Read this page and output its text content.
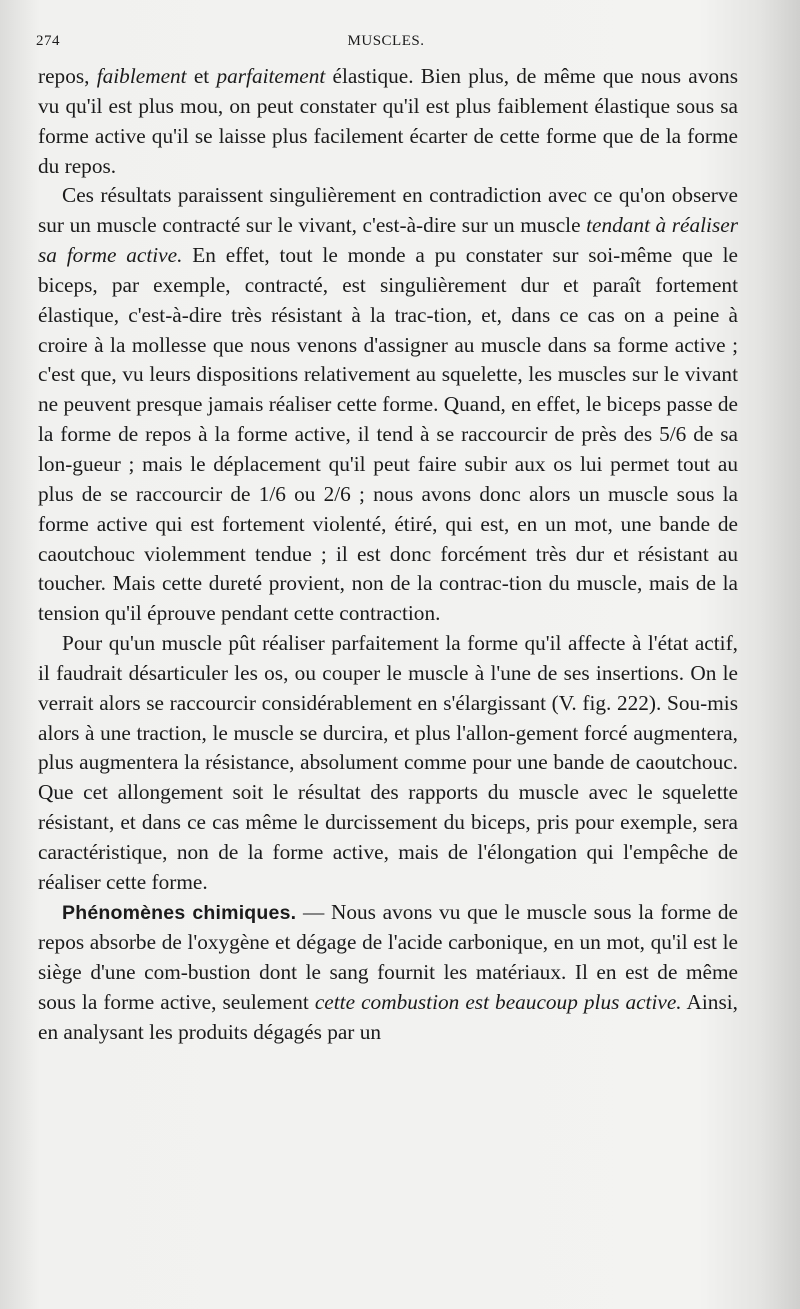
274	MUSCLES.

repos, faiblement et parfaitement élastique. Bien plus, de même que nous avons vu qu'il est plus mou, on peut constater qu'il est plus faiblement élastique sous sa forme active qu'il se laisse plus facilement écarter de cette forme que de la forme du repos.

Ces résultats paraissent singulièrement en contradiction avec ce qu'on observe sur un muscle contracté sur le vivant, c'est-à-dire sur un muscle tendant à réaliser sa forme active. En effet, tout le monde a pu constater sur soi-même que le biceps, par exemple, contracté, est singulièrement dur et paraît fortement élastique, c'est-à-dire très résistant à la trac-tion, et, dans ce cas on a peine à croire à la mollesse que nous venons d'assigner au muscle dans sa forme active ; c'est que, vu leurs dispositions relativement au squelette, les muscles sur le vivant ne peuvent presque jamais réaliser cette forme. Quand, en effet, le biceps passe de la forme de repos à la forme active, il tend à se raccourcir de près des 5/6 de sa lon-gueur ; mais le déplacement qu'il peut faire subir aux os lui permet tout au plus de se raccourcir de 1/6 ou 2/6 ; nous avons donc alors un muscle sous la forme active qui est fortement violenté, étiré, qui est, en un mot, une bande de caoutchouc violemment tendue ; il est donc forcément très dur et résistant au toucher. Mais cette dureté provient, non de la contrac-tion du muscle, mais de la tension qu'il éprouve pendant cette contraction.

Pour qu'un muscle pût réaliser parfaitement la forme qu'il affecte à l'état actif, il faudrait désarticuler les os, ou couper le muscle à l'une de ses insertions. On le verrait alors se raccourcir considérablement en s'élargissant (V. fig. 222). Sou-mis alors à une traction, le muscle se durcira, et plus l'allon-gement forcé augmentera, plus augmentera la résistance, absolument comme pour une bande de caoutchouc. Que cet allongement soit le résultat des rapports du muscle avec le squelette résistant, et dans ce cas même le durcissement du biceps, pris pour exemple, sera caractéristique, non de la forme active, mais de l'élongation qui l'empêche de réaliser cette forme.

Phénomènes chimiques. — Nous avons vu que le muscle sous la forme de repos absorbe de l'oxygène et dégage de l'acide carbonique, en un mot, qu'il est le siège d'une com-bustion dont le sang fournit les matériaux. Il en est de même sous la forme active, seulement cette combustion est beaucoup plus active. Ainsi, en analysant les produits dégagés par un
